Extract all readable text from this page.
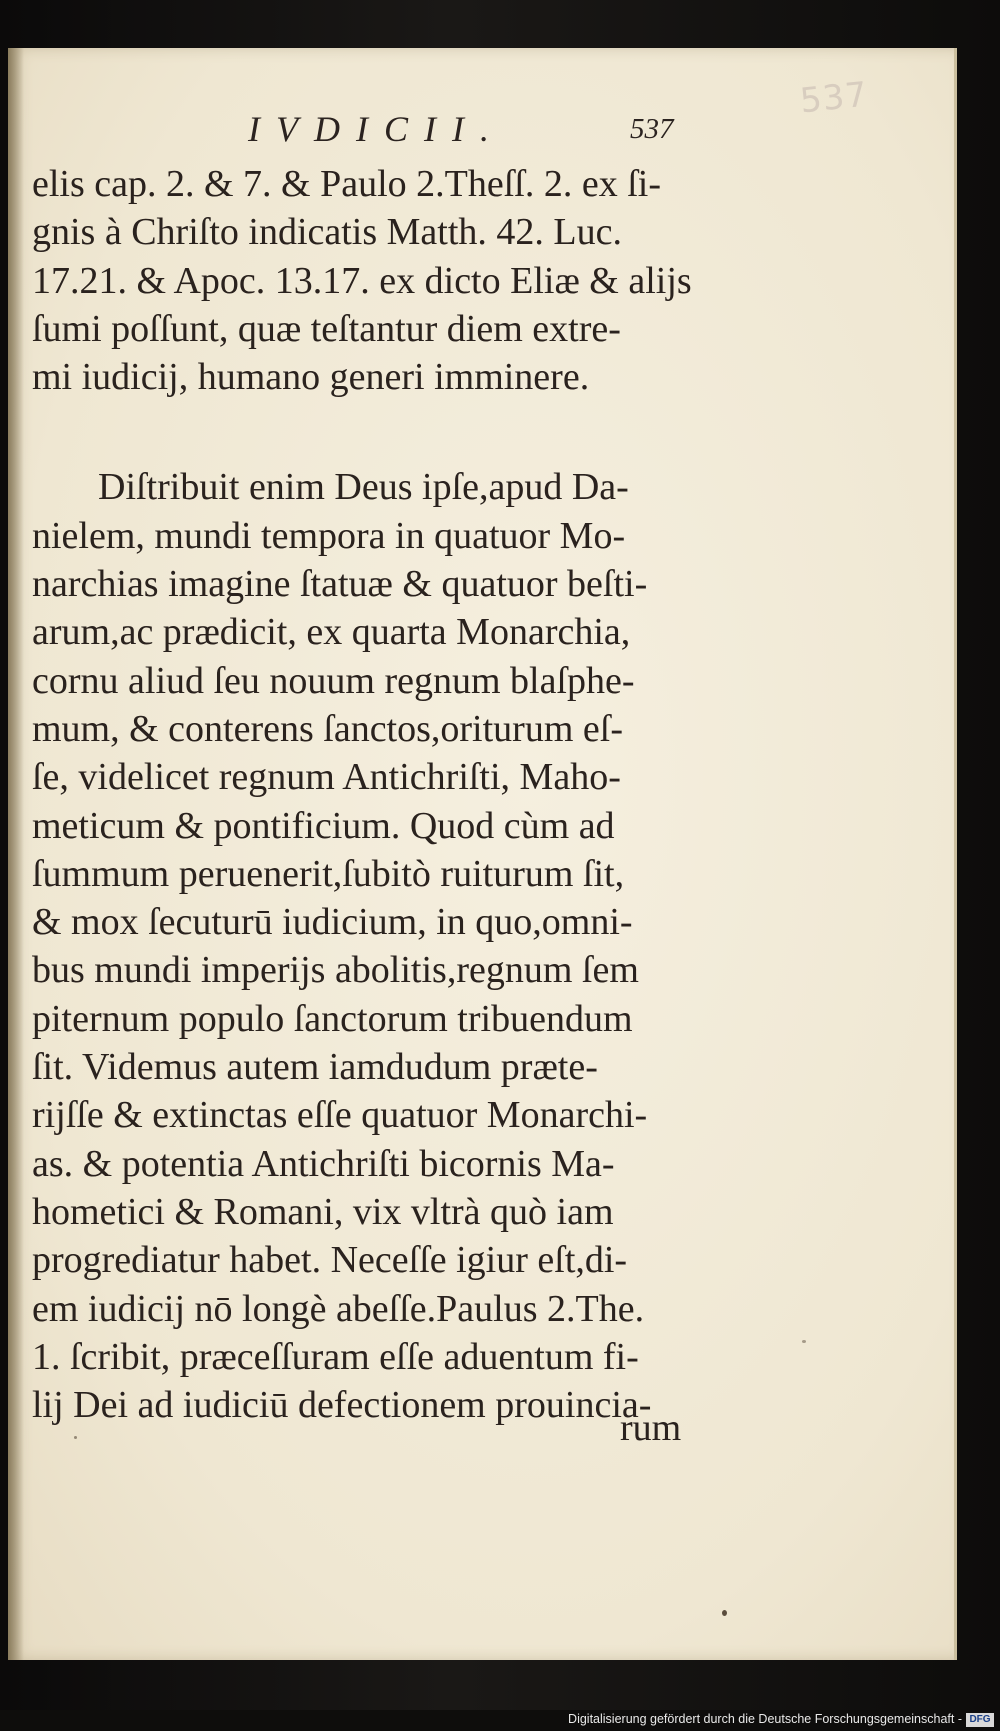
537
IVDICII.	537
elis cap. 2. & 7. & Paulo 2.Theſſ. 2. ex ſi-
gnis à Chriſto indicatis Matth. 42. Luc.
17.21. & Apoc. 13.17. ex dicto Eliæ & alijs
ſumi poſſunt, quæ teſtantur diem extre-
mi iudicij, humano generi imminere.
Diſtribuit enim Deus ipſe,apud Da-
nielem, mundi tempora in quatuor Mo-
narchias imagine ſtatuæ & quatuor beſti-
arum,ac prædicit, ex quarta Monarchia,
cornu aliud ſeu nouum regnum blaſphe-
mum, & conterens ſanctos,oriturum eſ-
ſe, videlicet regnum Antichriſti, Maho-
meticum & pontificium. Quod cùm ad
ſummum peruenerit,ſubitò ruiturum ſit,
& mox ſecuturū iudicium, in quo,omni-
bus mundi imperijs abolitis,regnum ſem
piternum populo ſanctorum tribuendum
ſit. Videmus autem iamdudum præte-
rijſſe & extinctas eſſe quatuor Monarchi-
as. & potentia Antichriſti bicornis Ma-
hometici & Romani, vix vltrà quò iam
progrediatur habet. Neceſſe igiur eſt,di-
em iudicij nō longè abeſſe.Paulus 2.The.
1. ſcribit, præceſſuram eſſe aduentum fi-
lij Dei ad iudiciū defectionem prouincia-
rum
Digitalisierung gefördert durch die Deutsche Forschungsgemeinschaft - DFG
